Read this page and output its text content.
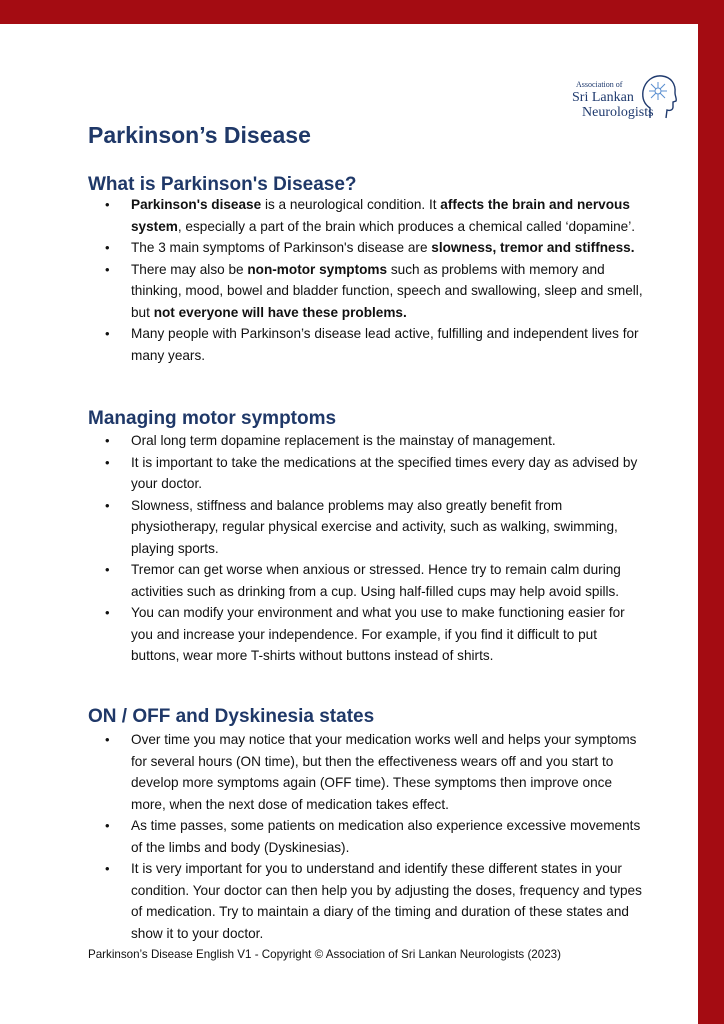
Association of
Sri Lankan
Neurologists
Parkinson’s Disease
What is Parkinson's Disease?
• Parkinson's disease is a neurological condition. It affects the brain and nervous system, especially a part of the brain which produces a chemical called ‘dopamine’.
• The 3 main symptoms of Parkinson's disease are slowness, tremor and stiffness.
• There may also be non-motor symptoms such as problems with memory and thinking, mood, bowel and bladder function, speech and swallowing, sleep and smell, but not everyone will have these problems.
• Many people with Parkinson’s disease lead active, fulfilling and independent lives for many years.
Managing motor symptoms
• Oral long term dopamine replacement is the mainstay of management.
• It is important to take the medications at the specified times every day as advised by your doctor.
• Slowness, stiffness and balance problems may also greatly benefit from physiotherapy, regular physical exercise and activity, such as walking, swimming, playing sports.
• Tremor can get worse when anxious or stressed. Hence try to remain calm during activities such as drinking from a cup. Using half-filled cups may help avoid spills.
• You can modify your environment and what you use to make functioning easier for you and increase your independence. For example, if you find it difficult to put buttons, wear more T-shirts without buttons instead of shirts.
ON / OFF and Dyskinesia states
• Over time you may notice that your medication works well and helps your symptoms for several hours (ON time), but then the effectiveness wears off and you start to develop more symptoms again (OFF time). These symptoms then improve once more, when the next dose of medication takes effect.
• As time passes, some patients on medication also experience excessive movements of the limbs and body (Dyskinesias).
• It is very important for you to understand and identify these different states in your condition. Your doctor can then help you by adjusting the doses, frequency and types of medication. Try to maintain a diary of the timing and duration of these states and show it to your doctor.
Parkinson’s Disease English V1 - Copyright © Association of Sri Lankan Neurologists (2023)
